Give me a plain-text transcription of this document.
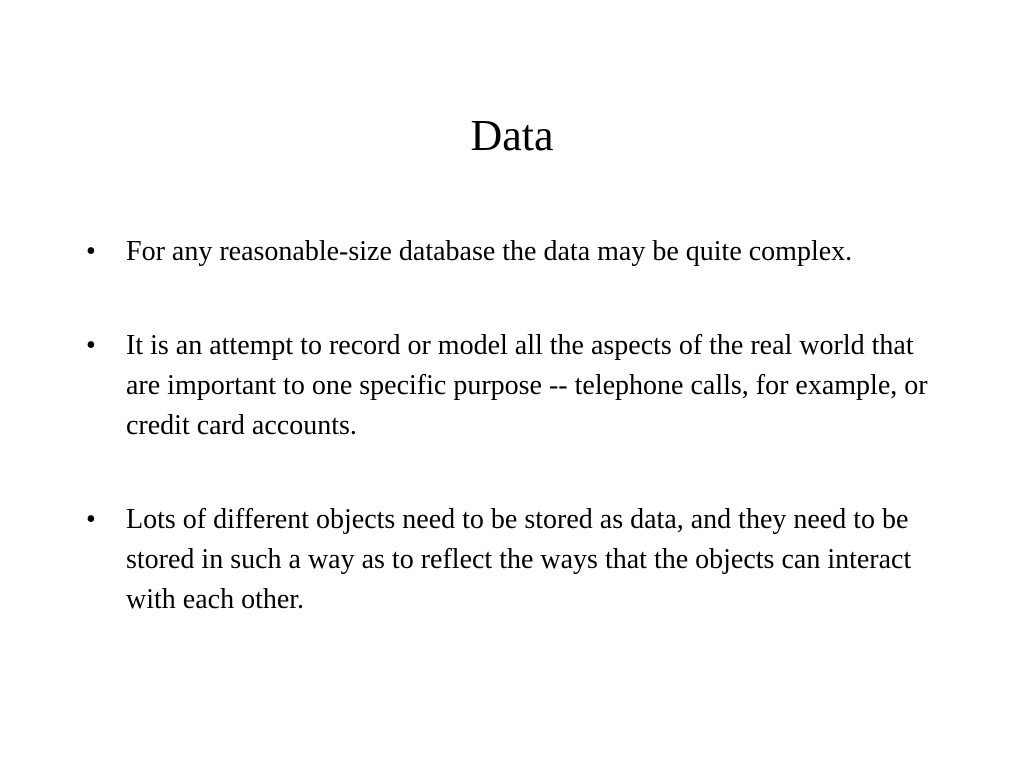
Data
•	For any reasonable-size database the data may be quite complex.
•	It is an attempt to record or model all the aspects of the real world that are important to one specific purpose -- telephone calls, for example, or credit card accounts.
•	Lots of different objects need to be stored as data, and they need to be stored in such a way as to reflect the ways that the objects can interact with each other.
